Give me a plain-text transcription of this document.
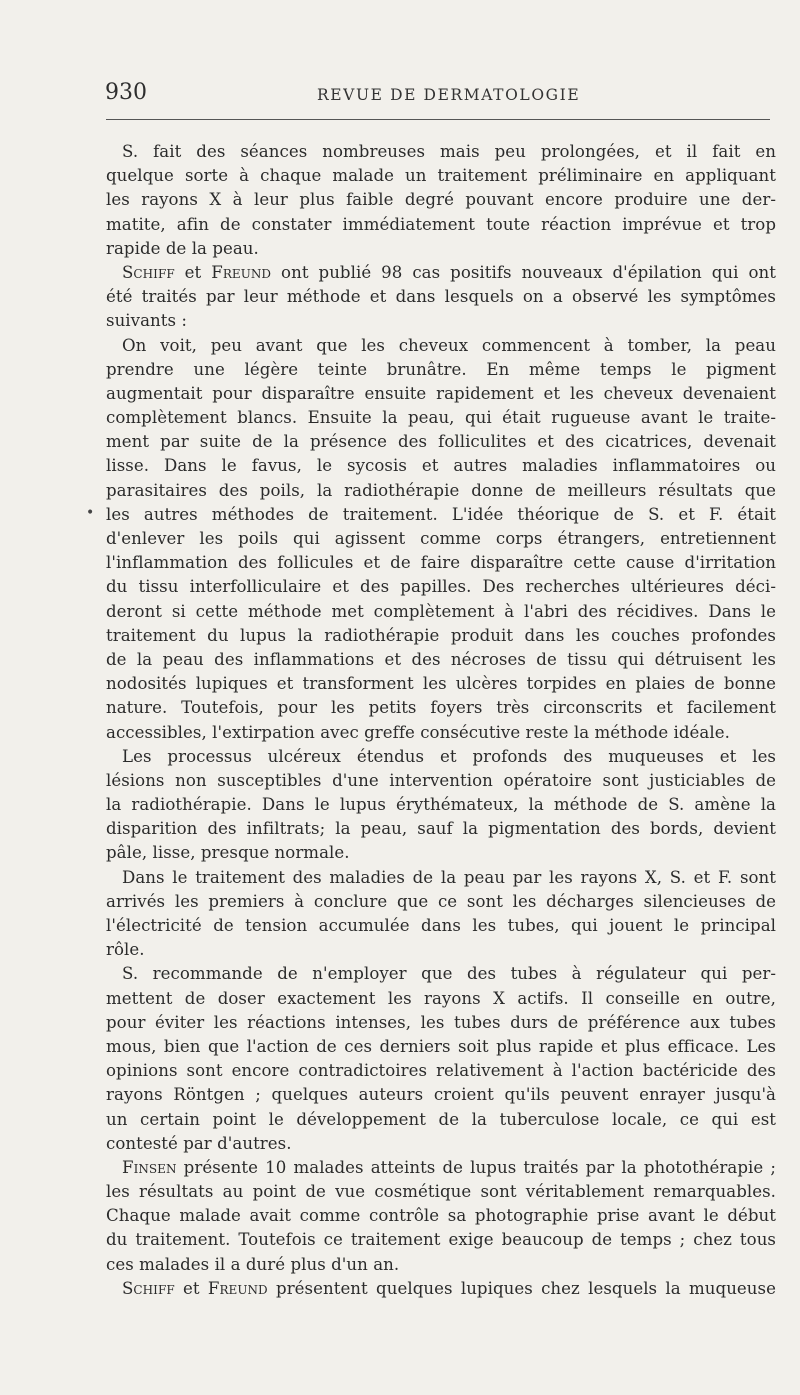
930	REVUE DE DERMATOLOGIE
•
S. fait des séances nombreuses mais peu prolongées, et il fait en
quelque sorte à chaque malade un traitement préliminaire en appliquant
les rayons X à leur plus faible degré pouvant encore produire une der-
matite, afin de constater immédiatement toute réaction imprévue et trop
rapide de la peau.
Schiff et Freund ont publié 98 cas positifs nouveaux d'épilation qui ont
été traités par leur méthode et dans lesquels on a observé les symptômes
suivants :
On voit, peu avant que les cheveux commencent à tomber, la peau
prendre une légère teinte brunâtre. En même temps le pigment
augmentait pour disparaître ensuite rapidement et les cheveux devenaient
complètement blancs. Ensuite la peau, qui était rugueuse avant le traite-
ment par suite de la présence des folliculites et des cicatrices, devenait
lisse. Dans le favus, le sycosis et autres maladies inflammatoires ou
parasitaires des poils, la radiothérapie donne de meilleurs résultats que
les autres méthodes de traitement. L'idée théorique de S. et F. était
d'enlever les poils qui agissent comme corps étrangers, entretiennent
l'inflammation des follicules et de faire disparaître cette cause d'irritation
du tissu interfolliculaire et des papilles. Des recherches ultérieures déci-
deront si cette méthode met complètement à l'abri des récidives. Dans le
traitement du lupus la radiothérapie produit dans les couches profondes
de la peau des inflammations et des nécroses de tissu qui détruisent les
nodosités lupiques et transforment les ulcères torpides en plaies de bonne
nature. Toutefois, pour les petits foyers très circonscrits et facilement
accessibles, l'extirpation avec greffe consécutive reste la méthode idéale.
Les processus ulcéreux étendus et profonds des muqueuses et les
lésions non susceptibles d'une intervention opératoire sont justiciables de
la radiothérapie. Dans le lupus érythémateux, la méthode de S. amène la
disparition des infiltrats; la peau, sauf la pigmentation des bords, devient
pâle, lisse, presque normale.
Dans le traitement des maladies de la peau par les rayons X, S. et F. sont
arrivés les premiers à conclure que ce sont les décharges silencieuses de
l'électricité de tension accumulée dans les tubes, qui jouent le principal
rôle.
S. recommande de n'employer que des tubes à régulateur qui per-
mettent de doser exactement les rayons X actifs. Il conseille en outre,
pour éviter les réactions intenses, les tubes durs de préférence aux tubes
mous, bien que l'action de ces derniers soit plus rapide et plus efficace. Les
opinions sont encore contradictoires relativement à l'action bactéricide des
rayons Röntgen ; quelques auteurs croient qu'ils peuvent enrayer jusqu'à
un certain point le développement de la tuberculose locale, ce qui est
contesté par d'autres.
Finsen présente 10 malades atteints de lupus traités par la photothérapie ;
les résultats au point de vue cosmétique sont véritablement remarquables.
Chaque malade avait comme contrôle sa photographie prise avant le début
du traitement. Toutefois ce traitement exige beaucoup de temps ; chez tous
ces malades il a duré plus d'un an.
Schiff et Freund présentent quelques lupiques chez lesquels la muqueuse
